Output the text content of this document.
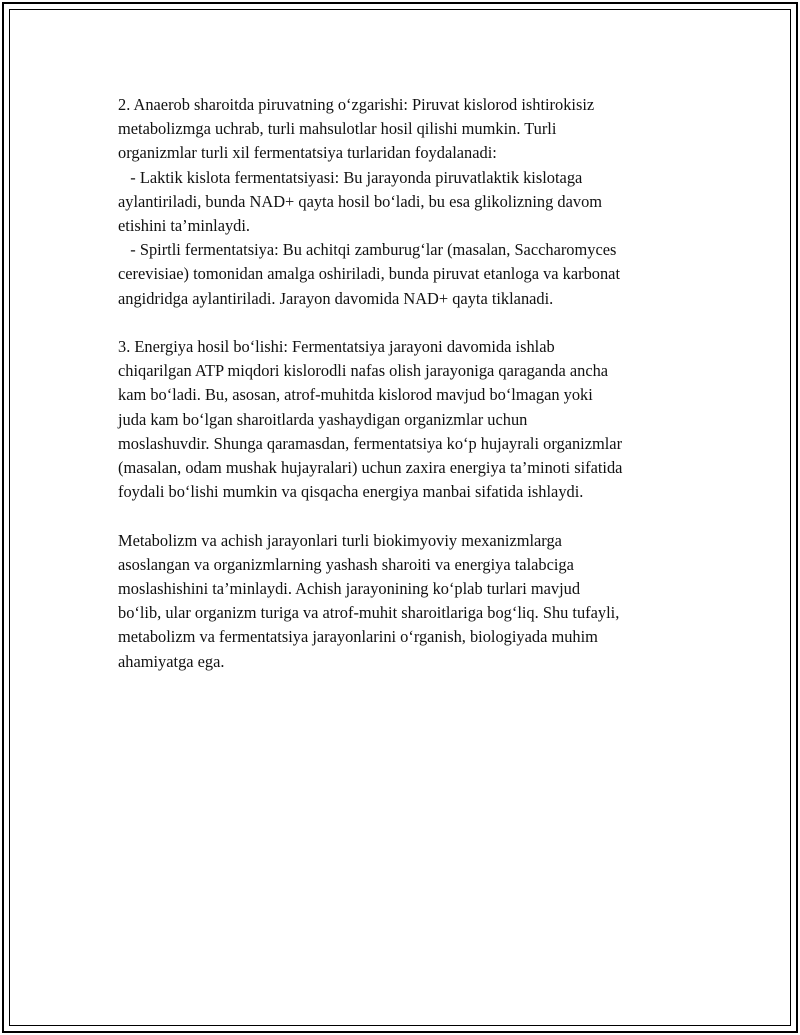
2. Anaerob sharoitda piruvatning o‘zgarishi: Piruvat kislorod ishtirokisiz
metabolizmga uchrab, turli mahsulotlar hosil qilishi mumkin. Turli
organizmlar turli xil fermentatsiya turlaridan foydalanadi:
- Laktik kislota fermentatsiyasi: Bu jarayonda piruvatlaktik kislotaga
aylantiriladi, bunda NAD+ qayta hosil bo‘ladi, bu esa glikolizning davom
etishini ta’minlaydi.
- Spirtli fermentatsiya: Bu achitqi zamburug‘lar (masalan, Saccharomyces
cerevisiae) tomonidan amalga oshiriladi, bunda piruvat etanloga va karbonat
angidridga aylantiriladi. Jarayon davomida NAD+ qayta tiklanadi.
3. Energiya hosil bo‘lishi: Fermentatsiya jarayoni davomida ishlab
chiqarilgan ATP miqdori kislorodli nafas olish jarayoniga qaraganda ancha
kam bo‘ladi. Bu, asosan, atrof-muhitda kislorod mavjud bo‘lmagan yoki
juda kam bo‘lgan sharoitlarda yashaydigan organizmlar uchun
moslashuvdir. Shunga qaramasdan, fermentatsiya ko‘p hujayrali organizmlar
(masalan, odam mushak hujayralari) uchun zaxira energiya ta’minoti sifatida
foydali bo‘lishi mumkin va qisqacha energiya manbai sifatida ishlaydi.
Metabolizm va achish jarayonlari turli biokimyoviy mexanizmlarga
asoslangan va organizmlarning yashash sharoiti va energiya talabciga
moslashishini ta’minlaydi. Achish jarayonining ko‘plab turlari mavjud
bo‘lib, ular organizm turiga va atrof-muhit sharoitlariga bog‘liq. Shu tufayli,
metabolizm va fermentatsiya jarayonlarini o‘rganish, biologiyada muhim
ahamiyatga ega.
